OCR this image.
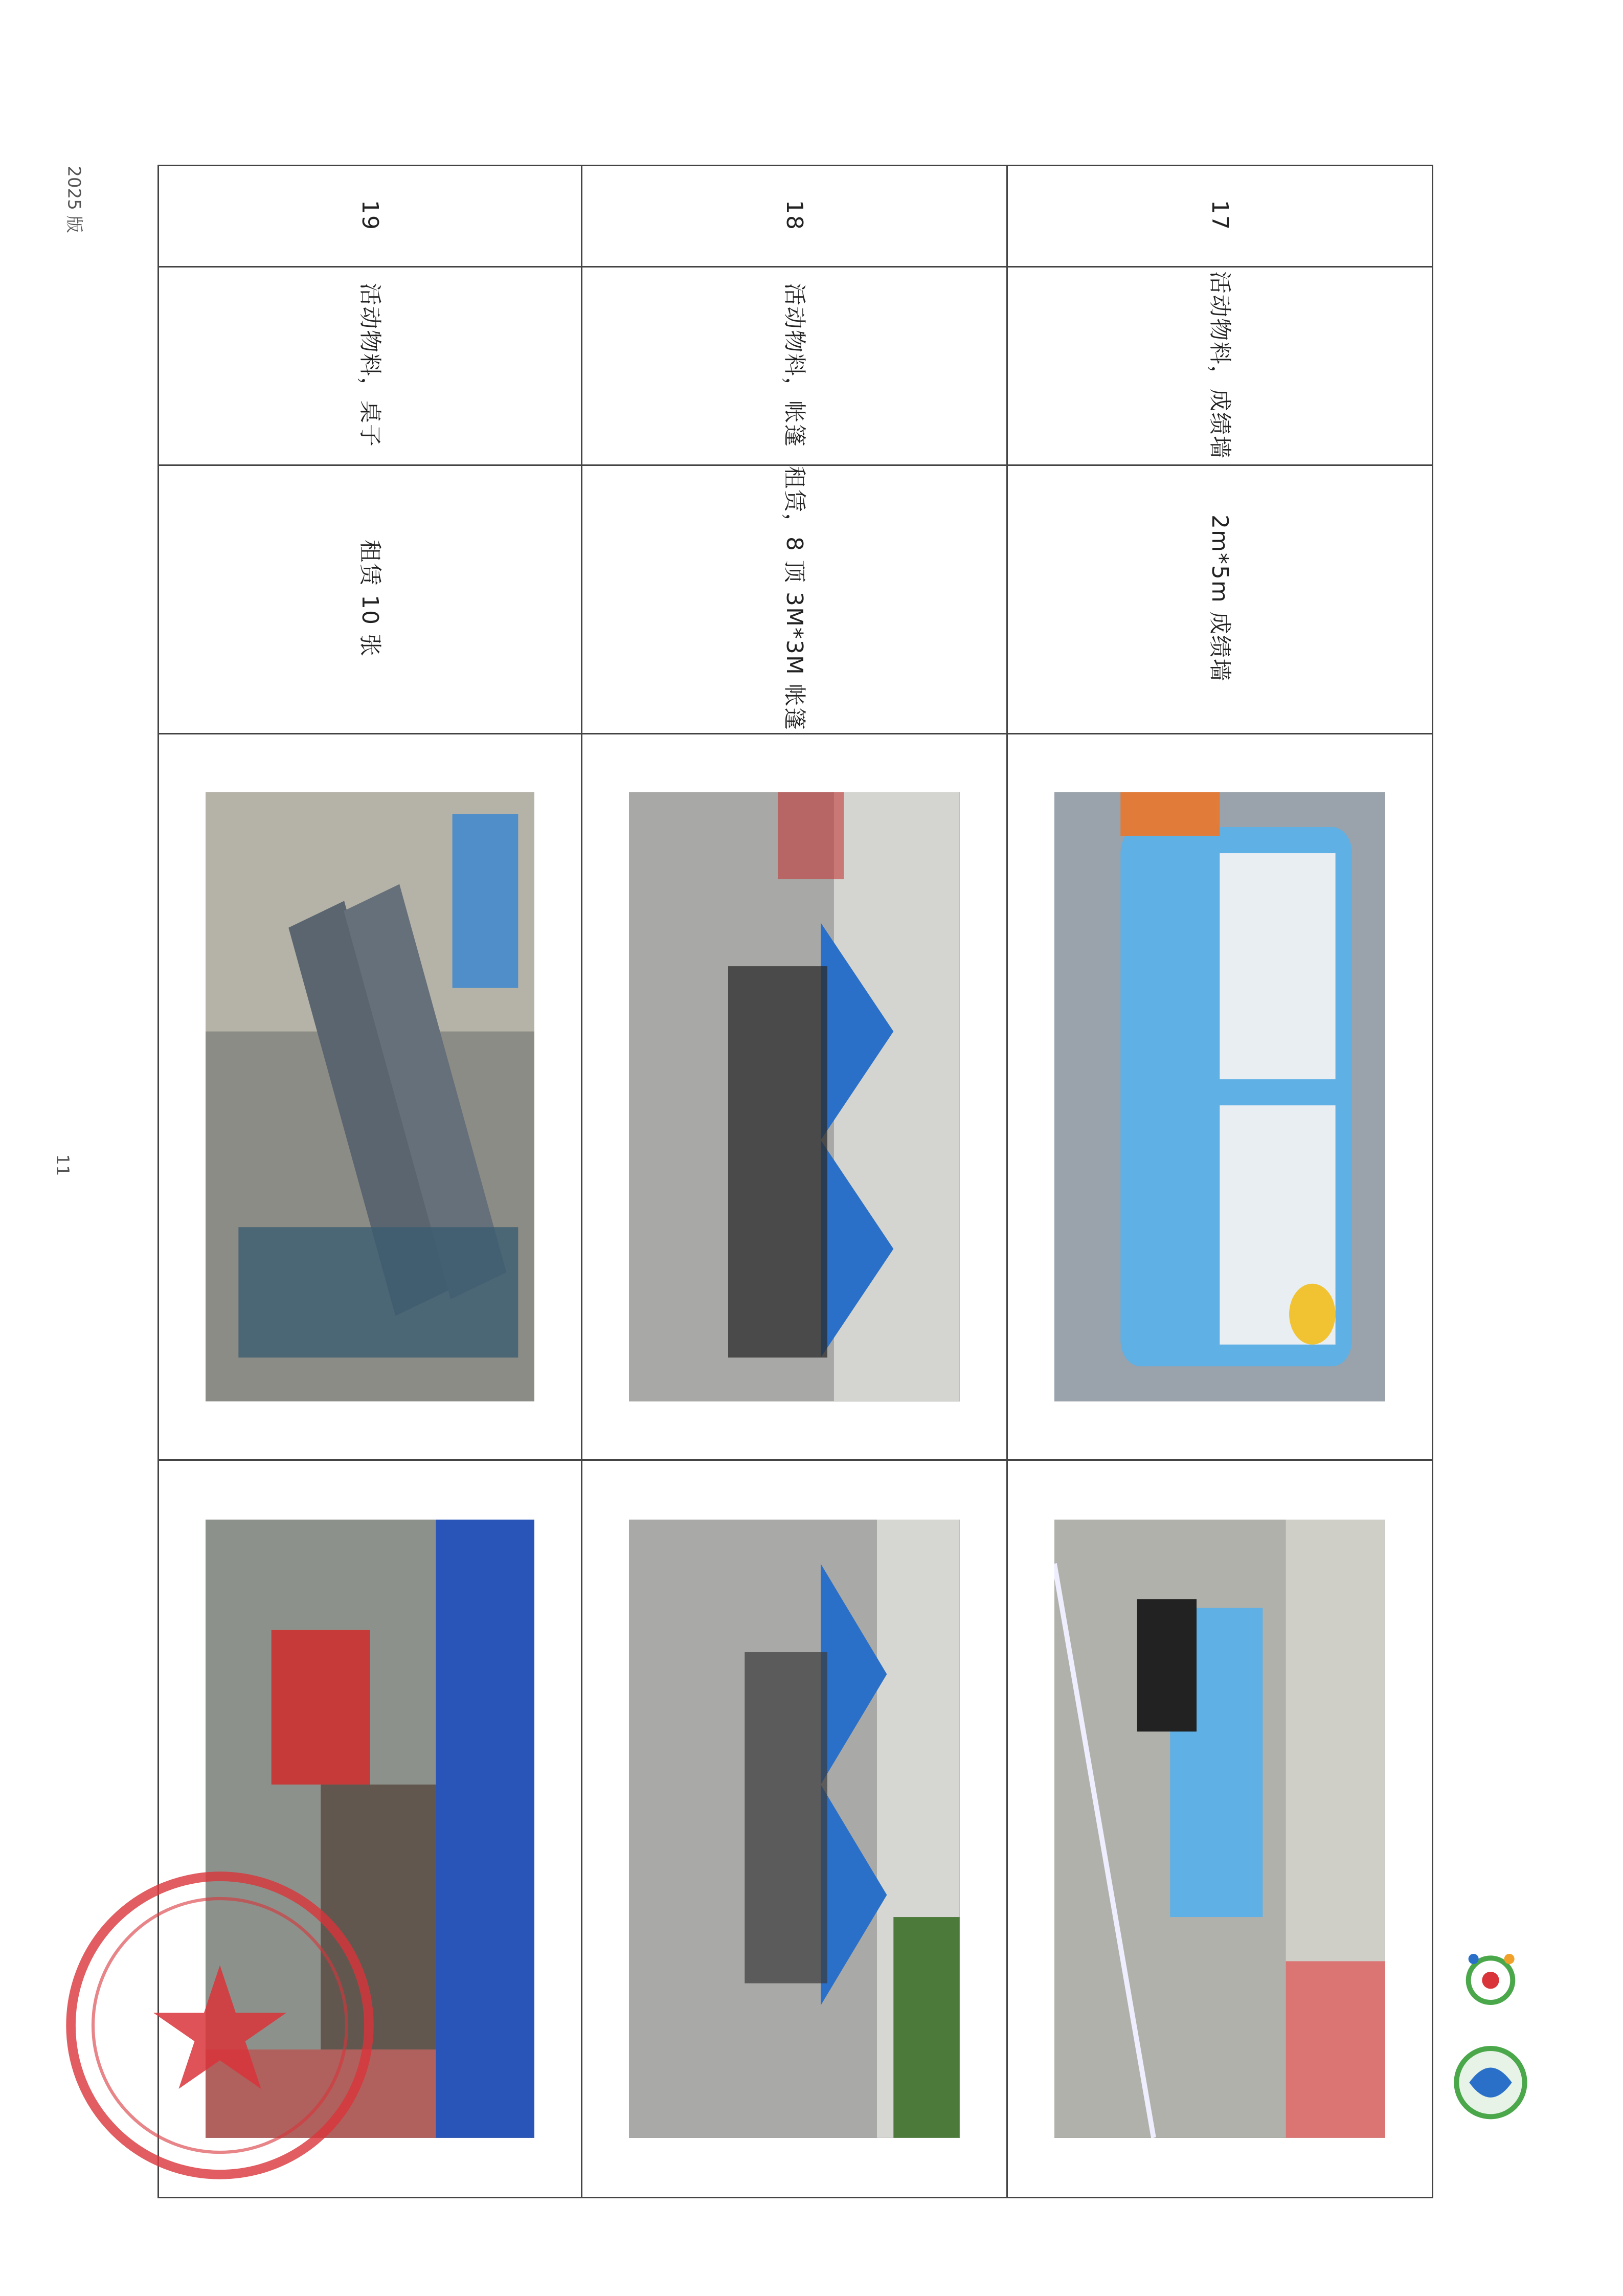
2025 版
11
19	18	17
活动物料，桌子	活动物料，帐篷	活动物料，成绩墙
租赁 10 张	租赁，8 顶 3M*3M 帐篷	2m*5m 成绩墙
